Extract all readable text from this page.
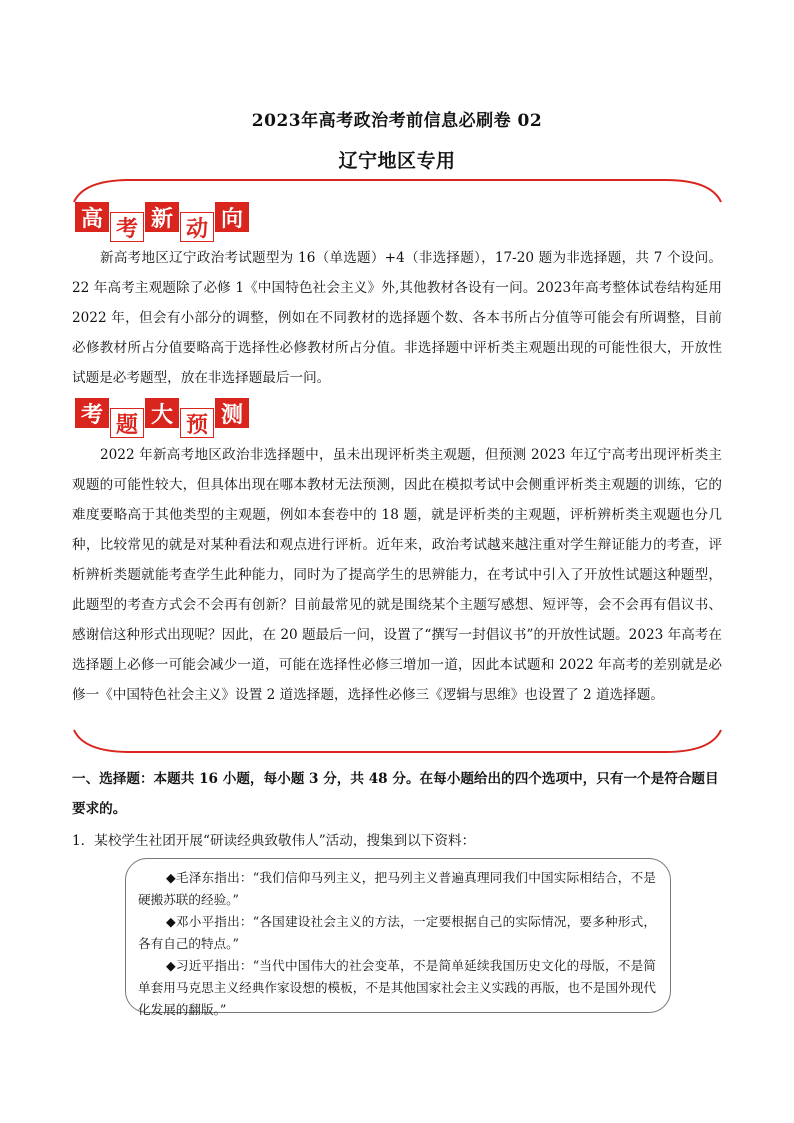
2023年高考政治考前信息必刷卷 02
辽宁地区专用
高 考 新 动 向
新高考地区辽宁政治考试题型为 16（单选题）+4（非选择题），17-20 题为非选择题，共 7 个设问。22 年高考主观题除了必修 1《中国特色社会主义》外,其他教材各设有一问。2023年高考整体试卷结构延用2022 年，但会有小部分的调整，例如在不同教材的选择题个数、各本书所占分值等可能会有所调整，目前必修教材所占分值要略高于选择性必修教材所占分值。非选择题中评析类主观题出现的可能性很大，开放性试题是必考题型，放在非选择题最后一问。
考 题 大 预 测
2022 年新高考地区政治非选择题中，虽未出现评析类主观题，但预测 2023 年辽宁高考出现评析类主观题的可能性较大，但具体出现在哪本教材无法预测，因此在模拟考试中会侧重评析类主观题的训练，它的难度要略高于其他类型的主观题，例如本套卷中的 18 题，就是评析类的主观题，评析辨析类主观题也分几种，比较常见的就是对某种看法和观点进行评析。近年来，政治考试越来越注重对学生辩证能力的考查，评析辨析类题就能考查学生此种能力，同时为了提高学生的思辨能力，在考试中引入了开放性试题这种题型，此题型的考查方式会不会再有创新？目前最常见的就是围绕某个主题写感想、短评等，会不会再有倡议书、感谢信这种形式出现呢？因此，在 20 题最后一问，设置了“撰写一封倡议书”的开放性试题。2023 年高考在选择题上必修一可能会减少一道，可能在选择性必修三增加一道，因此本试题和 2022 年高考的差别就是必修一《中国特色社会主义》设置 2 道选择题，选择性必修三《逻辑与思维》也设置了 2 道选择题。
一、选择题：本题共 16 小题，每小题 3 分，共 48 分。在每小题给出的四个选项中，只有一个是符合题目要求的。
1．某校学生社团开展“研读经典致敬伟人”活动，搜集到以下资料：
◆毛泽东指出：“我们信仰马列主义，把马列主义普遍真理同我们中国实际相结合，不是硬搬苏联的经验。”
◆邓小平指出：“各国建设社会主义的方法，一定要根据自己的实际情况，要多种形式，各有自己的特点。”
◆习近平指出：“当代中国伟大的社会变革，不是简单延续我国历史文化的母版，不是简单套用马克思主义经典作家设想的模板，不是其他国家社会主义实践的再版，也不是国外现代化发展的翻版。”
